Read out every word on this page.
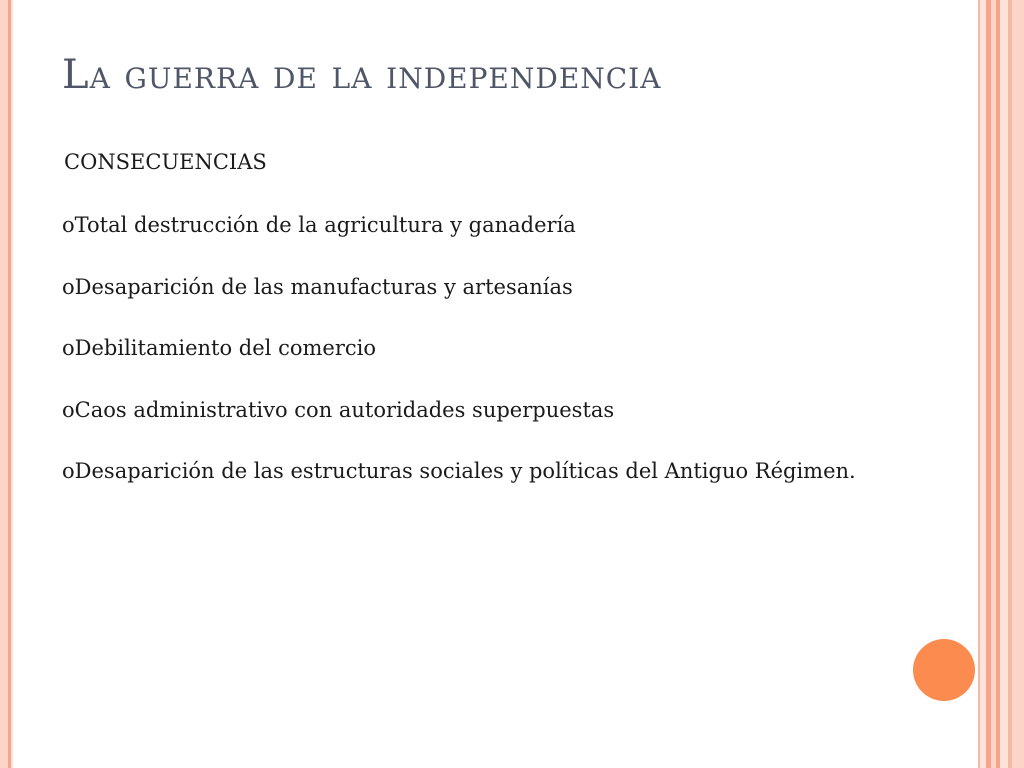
La guerra de la independencia
CONSECUENCIAS
oTotal destrucción de la agricultura y ganadería
oDesaparición de las manufacturas y artesanías
oDebilitamiento del comercio
oCaos administrativo con autoridades superpuestas
oDesaparición de las estructuras sociales y políticas del Antiguo Régimen.
